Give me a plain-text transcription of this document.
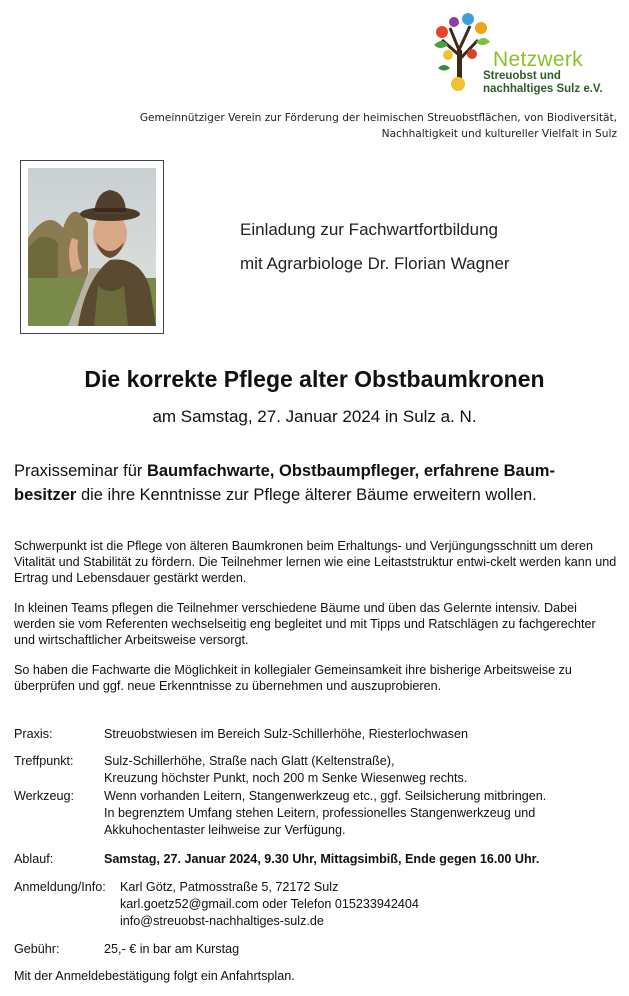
Netzwerk
Streuobst und
nachhaltiges Sulz e.V.
Gemeinnütziger Verein zur Förderung der heimischen Streuobstflächen, von Biodiversität,
Nachhaltigkeit und kultureller Vielfalt in Sulz
Einladung zur Fachwartfortbildung
mit Agrarbiologe Dr. Florian Wagner
Die korrekte Pflege alter Obstbaumkronen
am Samstag, 27. Januar 2024 in Sulz a. N.
Praxisseminar für Baumfachwarte, Obstbaumpfleger, erfahrene Baum-besitzer die ihre Kenntnisse zur Pflege älterer Bäume erweitern wollen.
Schwerpunkt ist die Pflege von älteren Baumkronen beim Erhaltungs- und Verjüngungsschnitt um deren Vitalität und Stabilität zu fördern. Die Teilnehmer lernen wie eine Leitaststruktur entwi-ckelt werden kann und Ertrag und Lebensdauer gestärkt werden.
In kleinen Teams pflegen die Teilnehmer verschiedene Bäume und üben das Gelernte intensiv. Dabei werden sie vom Referenten wechselseitig eng begleitet und mit Tipps und Ratschlägen zu fachgerechter und wirtschaftlicher Arbeitsweise versorgt.
So haben die Fachwarte die Möglichkeit in kollegialer Gemeinsamkeit ihre bisherige Arbeitsweise zu überprüfen und ggf. neue Erkenntnisse zu übernehmen und auszuprobieren.
Praxis:	Streuobstwiesen im Bereich Sulz-Schillerhöhe, Riesterlochwasen
Treffpunkt: Sulz-Schillerhöhe, Straße nach Glatt (Keltenstraße),
Kreuzung höchster Punkt, noch 200 m Senke Wiesenweg rechts.
Werkzeug: Wenn vorhanden Leitern, Stangenwerkzeug etc., ggf. Seilsicherung mitbringen.
In begrenztem Umfang stehen Leitern, professionelles Stangenwerkzeug und
Akkuhochentaster leihweise zur Verfügung.
Ablauf:	Samstag, 27. Januar 2024, 9.30 Uhr, Mittagsimbiß, Ende gegen 16.00 Uhr.
Anmeldung/Info: Karl Götz, Patmosstraße 5, 72172 Sulz
karl.goetz52@gmail.com oder Telefon 015233942404
info@streuobst-nachhaltiges-sulz.de
Gebühr:	25,- € in bar am Kurstag
Mit der Anmeldebestätigung folgt ein Anfahrtsplan.
